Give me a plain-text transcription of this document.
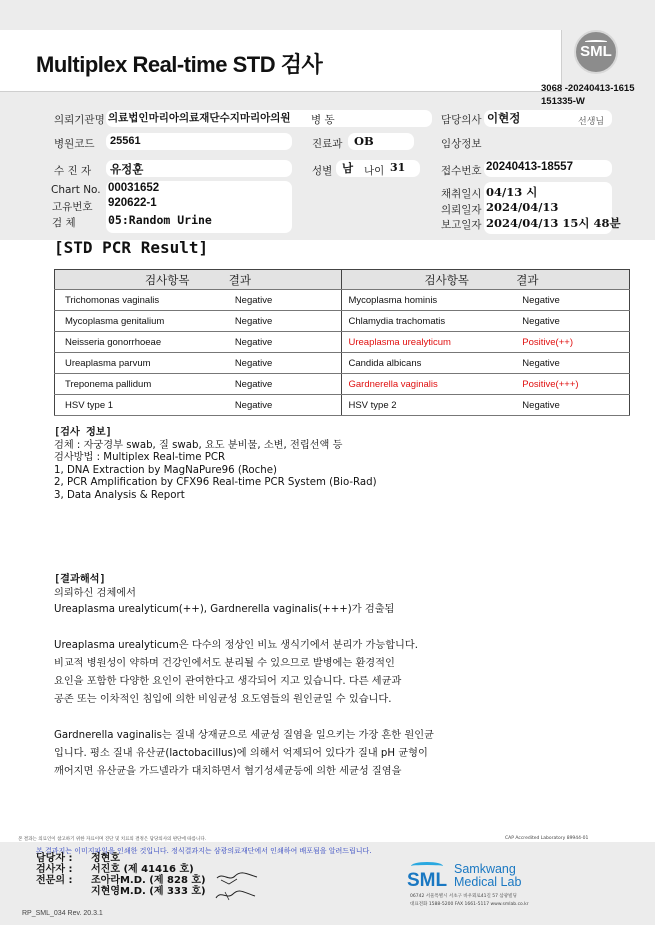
Multiplex Real-time STD 검사
SML
3068 -20240413-1615
151335-W
의뢰기관명 의료법인마리아의료재단수지마리아의원 병 동	담당의사 이현정	선생님
병원코드 25561	진료과 OB	임상정보
수 진 자 유정훈	성별 남 나이 31	접수번호 20240413-18557
Chart No. 00031652
고유번호 920622-1
검 체	05:Random Urine
채취일시 04/13 시
의뢰일자 2024/04/13
보고일자 2024/04/13 15시 48분
[STD PCR Result]
검사항목 결과		검사항목 결과	
Trichomonas vaginalis	Negative	Mycoplasma hominis	Negative
Mycoplasma genitalium	Negative	Chlamydia trachomatis	Negative
Neisseria gonorrhoeae	Negative	Ureaplasma urealyticum	Positive(++)
Ureaplasma parvum	Negative	Candida albicans	Negative
Treponema pallidum	Negative	Gardnerella vaginalis	Positive(+++)
HSV type 1	Negative	HSV type 2	Negative
[검사 정보]
검체 : 자궁경부 swab, 질 swab, 요도 분비물, 소변, 전립선액 등
검사방법 : Multiplex Real-time PCR
1, DNA Extraction by MagNaPure96 (Roche)
2, PCR Amplification by CFX96 Real-time PCR System (Bio-Rad)
3, Data Analysis & Report
[결과해석]

의뢰하신 검체에서

Ureaplasma urealyticum(++), Gardnerella vaginalis(+++)가 검출됨

Ureaplasma urealyticum은 다수의 정상인 비뇨 생식기에서 분리가 가능합니다.

비교적 병원성이 약하며 건강인에서도 분리될 수 있으므로 발병에는 환경적인

요인을 포함한 다양한 요인이 관여한다고 생각되어 지고 있습니다. 다른 세균과

공존 또는 이차적인 침입에 의한 비임균성 요도염들의 원인균일 수 있습니다.

Gardnerella vaginalis는 질내 상재균으로 세균성 질염을 일으키는 가장 흔한 원인균

입니다. 평소 질내 유산균(lactobacillus)에 의해서 억제되어 있다가 질내 pH 균형이

깨어지면 유산균을 가드넬라가 대치하면서 혐기성세균등에 의한 세균성 질염을

본 결과는 의료인이 참고하기 위한 자료이며 진단 및 치료의 결정은 담당의사의 판단에 따릅니다.	CAP Accredited Laboratory 89944-01
본 결과지는 이미지파일을 인쇄한 것입니다. 정식결과지는 삼광의료재단에서 인쇄하여 배포됨을 알려드립니다.
담당자 : 정현호
검사자 : 서진호 (제 41416 호)
전문의 : 조아라M.D. (제 828 호)
지현영M.D. (제 333 호)
SML
Samkwang
Medical Lab
06742 서울특별시 서초구 바우뫼로41길 57 삼광빌딩
대표전화 1588-5200 FAX 1661-5117 www.smlab.co.kr
RP_SML_034 Rev. 20.3.1
